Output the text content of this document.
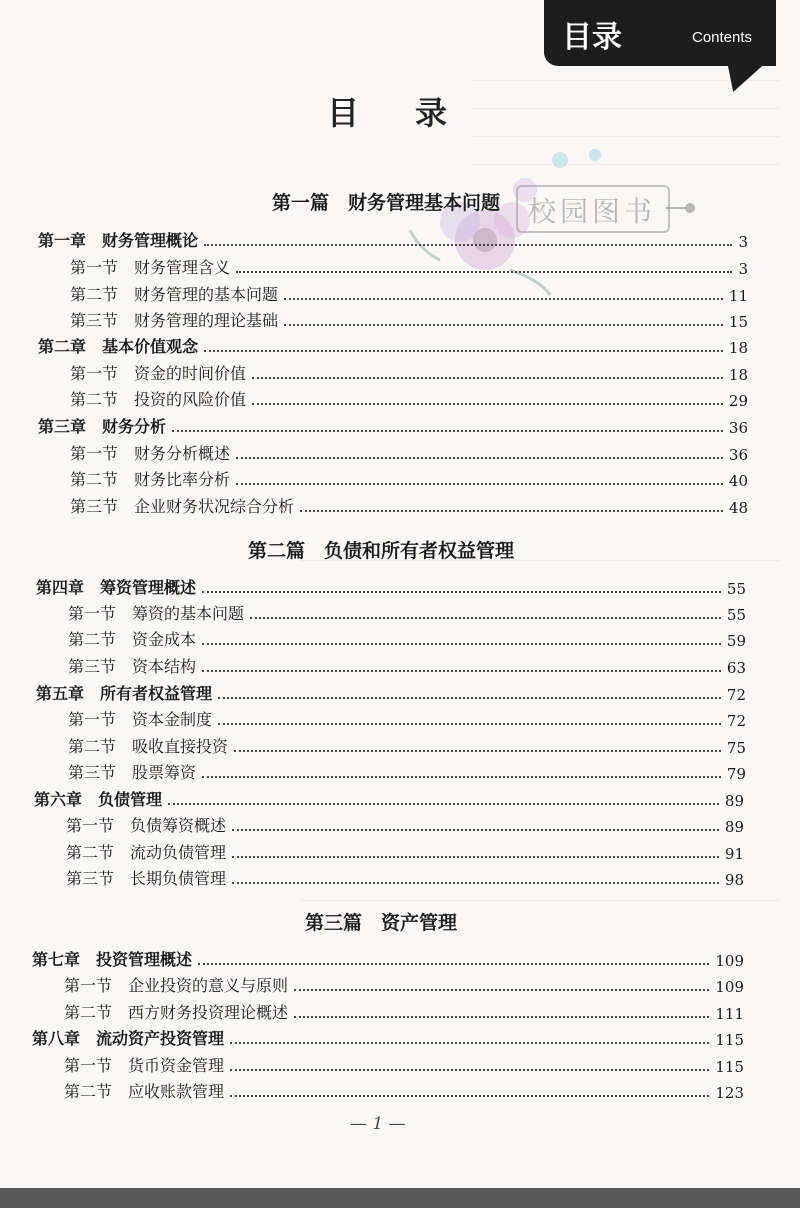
校园图书
目录	Contents
目录
第一篇　财务管理基本问题
第一章 财务管理概论	3
第一节 财务管理含义	3
第二节 财务管理的基本问题	11
第三节 财务管理的理论基础	15
第二章 基本价值观念	18
第一节 资金的时间价值	18
第二节 投资的风险价值	29
第三章 财务分析	36
第一节 财务分析概述	36
第二节 财务比率分析	40
第三节 企业财务状况综合分析	48
第二篇　负债和所有者权益管理
第四章 筹资管理概述	55
第一节 筹资的基本问题	55
第二节 资金成本	59
第三节 资本结构	63
第五章 所有者权益管理	72
第一节 资本金制度	72
第二节 吸收直接投资	75
第三节 股票筹资	79
第六章 负债管理	89
第一节 负债筹资概述	89
第二节 流动负债管理	91
第三节 长期负债管理	98
第三篇　资产管理
第七章 投资管理概述	109
第一节 企业投资的意义与原则	109
第二节 西方财务投资理论概述	111
第八章 流动资产投资管理	115
第一节 货币资金管理	115
第二节 应收账款管理	123
— 1 —
